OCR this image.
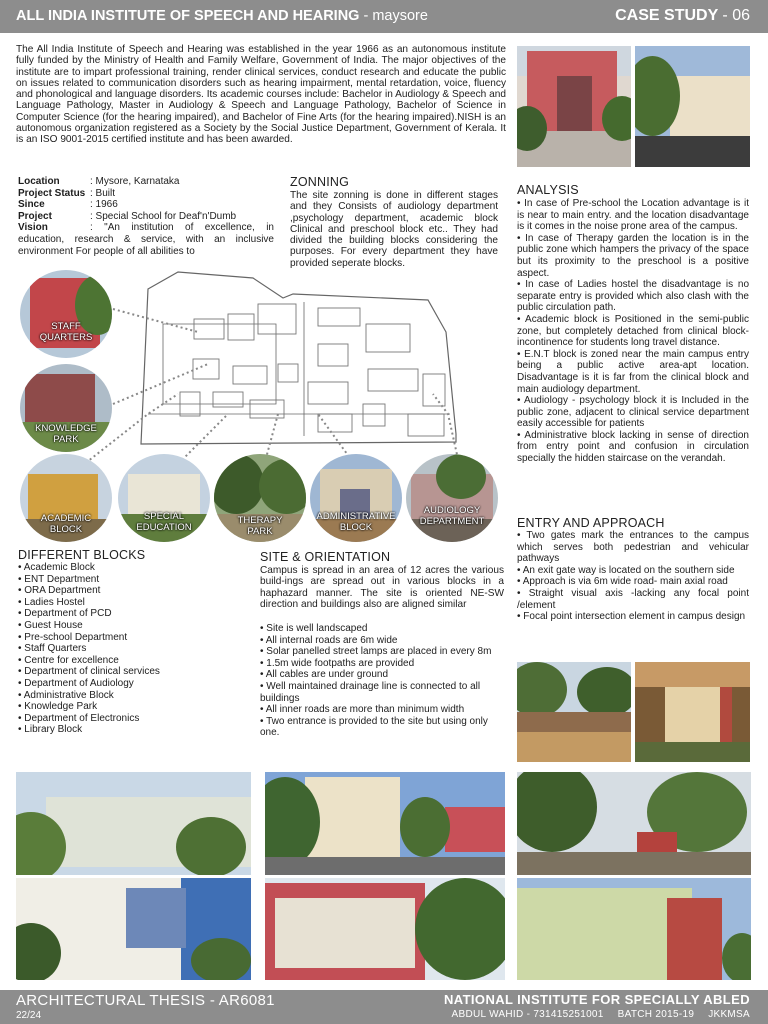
ALL INDIA INSTITUTE OF SPEECH AND HEARING - maysore	CASE STUDY - 06
The All India Institute of Speech and Hearing was established in the year 1966 as an autonomous institute fully funded by the Ministry of Health and Family Welfare, Government of India. The major objectives of the institute are to impart professional training, render clinical services, conduct research and educate the public on issues related to communication disorders such as hearing impairment, mental retardation, voice, fluency and phonological and language disorders. Its academic courses include: Bachelor in Audiology & Speech and Language Pathology, Master in Audiology & Speech and Language Pathology, Bachelor of Science in Computer Science (for the hearing impaired), and Bachelor of Fine Arts (for the hearing impaired).NISH is an autonomous organization registered as a Society by the Social Justice Department, Government of Kerala. It is an ISO 9001-2015 certified institute and has been awarded.
Location	: Mysore, Karnataka
Project Status : Built
Since	: 1966
Project	: Special School for Deaf'n'Dumb
Vision	: "An institution of excellence, in education, research & service, with an inclusive environment For people of all abilities to
ZONNING
The site zonning is done in different stages and they Consists of audiology department ,psychology department, academic block Clinical and preschool block etc.. They had divided the building blocks considering the purposes. For every department they have provided seperate blocks.
ANALYSIS
• In case of Pre-school the Location advantage is it is near to main entry. and the location disadvantage is it comes in the noise prone area of the campus.
• In case of Therapy garden the location is in the public zone which hampers the privacy of the space but its proximity to the preschool is a positive aspect.
• In case of Ladies hostel the disadvantage is no separate entry is provided which also clash with the public circulation path.
• Academic block is Positioned in the semi-public zone, but completely detached from clinical block- incontinence for students long travel distance.
• E.N.T block is zoned near the main campus entry being a public active area-apt location. Disadvantage is it is far from the clinical block and main audiology department.
• Audiology - psychology block it is Included in the public zone, adjacent to clinical service department easily accessible for patients
• Administrative block lacking in sense of direction from entry point and confusion in circulation specially the hidden staircase on the verandah.
STAFF
QUARTERS
KNOWLEDGE
PARK
ACADEMIC
BLOCK
SPECIAL
EDUCATION
THERAPY
PARK
ADMINISTRATIVE
BLOCK
AUDIOLOGY
DEPARTMENT
DIFFERENT BLOCKS
• Academic Block
• ENT Department
• ORA Department
• Ladies Hostel
• Department of PCD
• Guest House
• Pre-school Department
• Staff Quarters
• Centre for excellence
• Department of clinical services
• Department of Audiology
• Administrative Block
• Knowledge Park
• Department of Electronics
• Library Block
SITE & ORIENTATION
Campus is spread in an area of 12 acres the various build-ings are spread out in various blocks in a haphazard manner. The site is oriented NE-SW direction and buildings also are aligned similar
• Site is well landscaped
• All internal roads are 6m wide
• Solar panelled street lamps are placed in every 8m
• 1.5m wide footpaths are provided
• All cables are under ground
• Well maintained drainage line is connected to all buildings
• All inner roads are more than minimum width
• Two entrance is provided to the site but using only one.
ENTRY AND APPROACH
• Two gates mark the entrances to the campus which serves both pedestrian and vehicular pathways
• An exit gate way is located on the southern side
• Approach is via 6m wide road- main axial road
• Straight visual axis -lacking any focal point /element
• Focal point intersection element in campus design
ARCHITECTURAL THESIS - AR6081
22/24
NATIONAL INSTITUTE FOR SPECIALLY ABLED
ABDUL WAHID - 731415251001 BATCH 2015-19 JKKMSA
